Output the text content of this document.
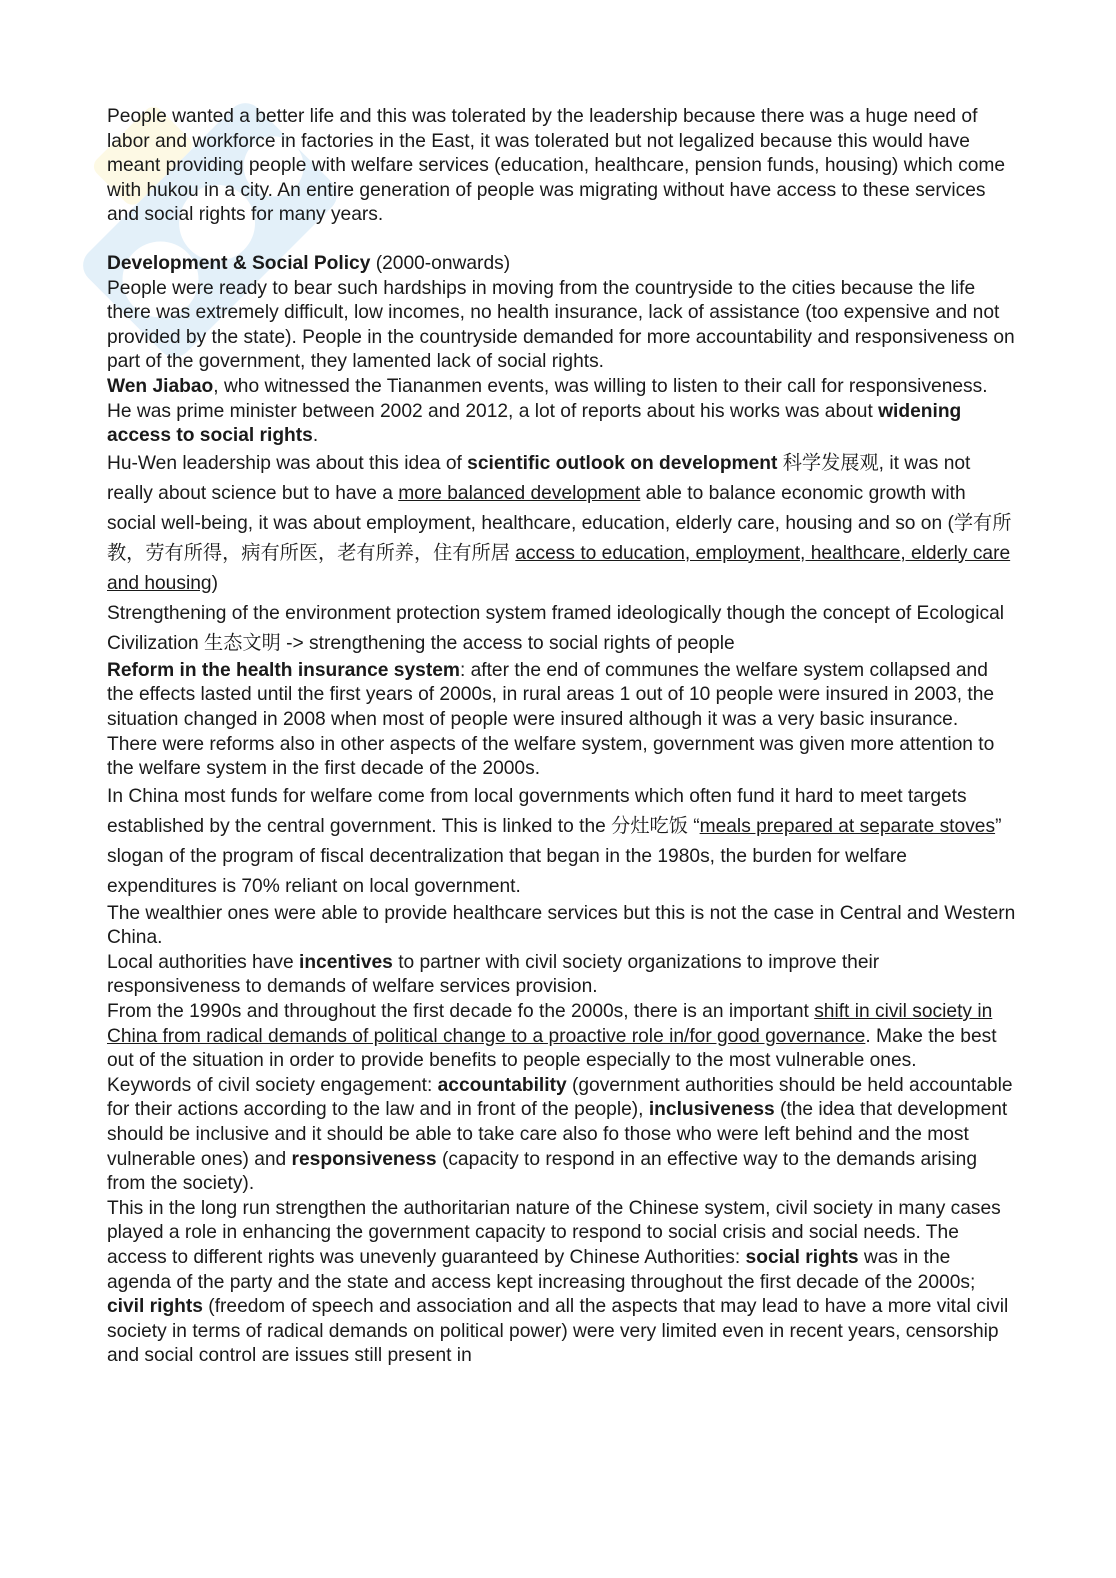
People wanted a better life and this was tolerated by the leadership because there was a huge need of labor and workforce in factories in the East, it was tolerated but not legalized because this would have meant providing people with welfare services (education, healthcare, pension funds, housing) which come with hukou in a city. An entire generation of people was migrating without have access to these services and social rights for many years.

Development & Social Policy (2000-onwards)

People were ready to bear such hardships in moving from the countryside to the cities because the life there was extremely difficult, low incomes, no health insurance, lack of assistance (too expensive and not provided by the state). People in the countryside demanded for more accountability and responsiveness on part of the government, they lamented lack of social rights.

Wen Jiabao, who witnessed the Tiananmen events, was willing to listen to their call for responsiveness.

He was prime minister between 2002 and 2012, a lot of reports about his works was about widening access to social rights.

Hu-Wen leadership was about this idea of scientific outlook on development 科学发展观, it was not really about science but to have a more balanced development able to balance economic growth with social well-being, it was about employment, healthcare, education, elderly care, housing and so on (学有所教，劳有所得，病有所医，老有所养，住有所居 access to education, employment, healthcare, elderly care and housing)

Strengthening of the environment protection system framed ideologically though the concept of Ecological Civilization 生态文明 -> strengthening the access to social rights of people

Reform in the health insurance system: after the end of communes the welfare system collapsed and the effects lasted until the first years of 2000s, in rural areas 1 out of 10 people were insured in 2003, the situation changed in 2008 when most of people were insured although it was a very basic insurance.

There were reforms also in other aspects of the welfare system, government was given more attention to the welfare system in the first decade of the 2000s.

In China most funds for welfare come from local governments which often fund it hard to meet targets established by the central government. This is linked to the 分灶吃饭 “meals prepared at separate stoves” slogan of the program of fiscal decentralization that began in the 1980s, the burden for welfare expenditures is 70% reliant on local government.

The wealthier ones were able to provide healthcare services but this is not the case in Central and Western China.

Local authorities have incentives to partner with civil society organizations to improve their responsiveness to demands of welfare services provision.

From the 1990s and throughout the first decade fo the 2000s, there is an important shift in civil society in China from radical demands of political change to a proactive role in/for good governance. Make the best out of the situation in order to provide benefits to people especially to the most vulnerable ones.

Keywords of civil society engagement: accountability (government authorities should be held accountable for their actions according to the law and in front of the people), inclusiveness (the idea that development should be inclusive and it should be able to take care also fo those who were left behind and the most vulnerable ones) and responsiveness (capacity to respond in an effective way to the demands arising from the society).

This in the long run strengthen the authoritarian nature of the Chinese system, civil society in many cases played a role in enhancing the government capacity to respond to social crisis and social needs. The access to different rights was unevenly guaranteed by Chinese Authorities: social rights was in the agenda of the party and the state and access kept increasing throughout the first decade of the 2000s; civil rights (freedom of speech and association and all the aspects that may lead to have a more vital civil society in terms of radical demands on political power) were very limited even in recent years, censorship and social control are issues still present in
